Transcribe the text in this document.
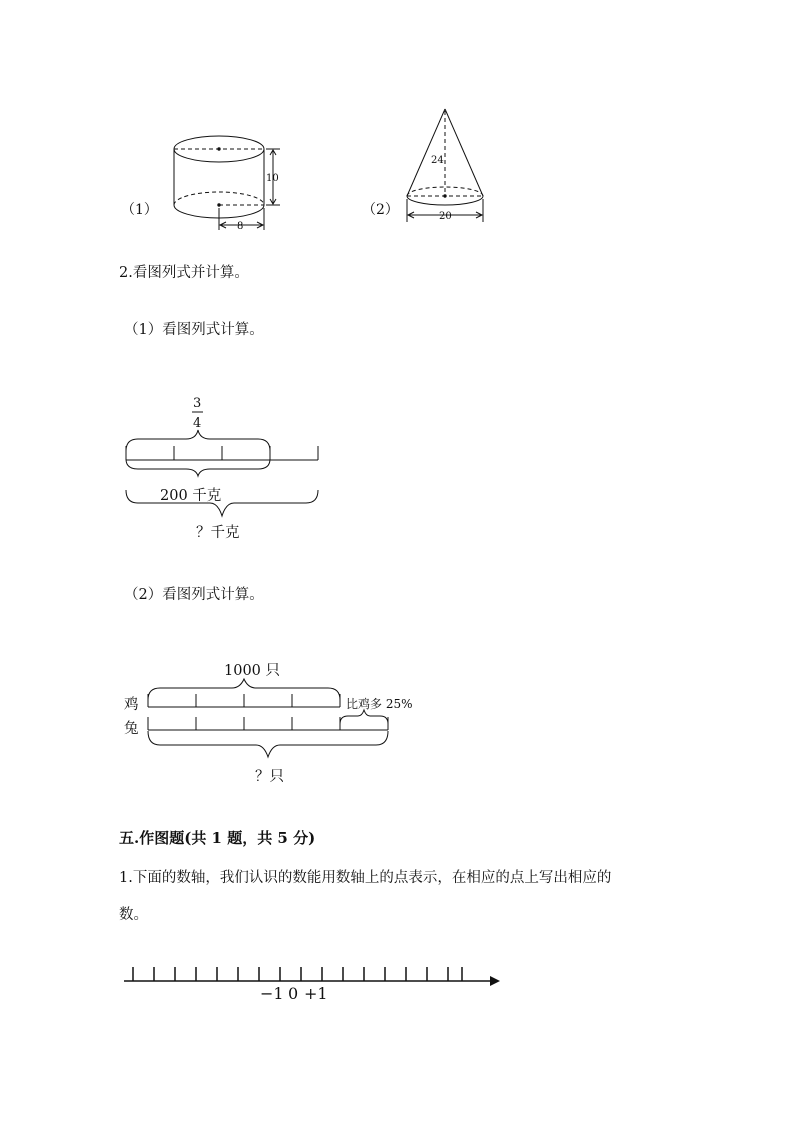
10
8
24
20
（1）	（2）
2.看图列式并计算。
（1）看图列式计算。
3
4
200 千克
？千克
（2）看图列式计算。
1000 只
鸡
兔
比鸡多 25%
？只
五.作图题(共 1 题，共 5 分)
1.下面的数轴，我们认识的数能用数轴上的点表示，在相应的点上写出相应的
数。
−1 0 +1
